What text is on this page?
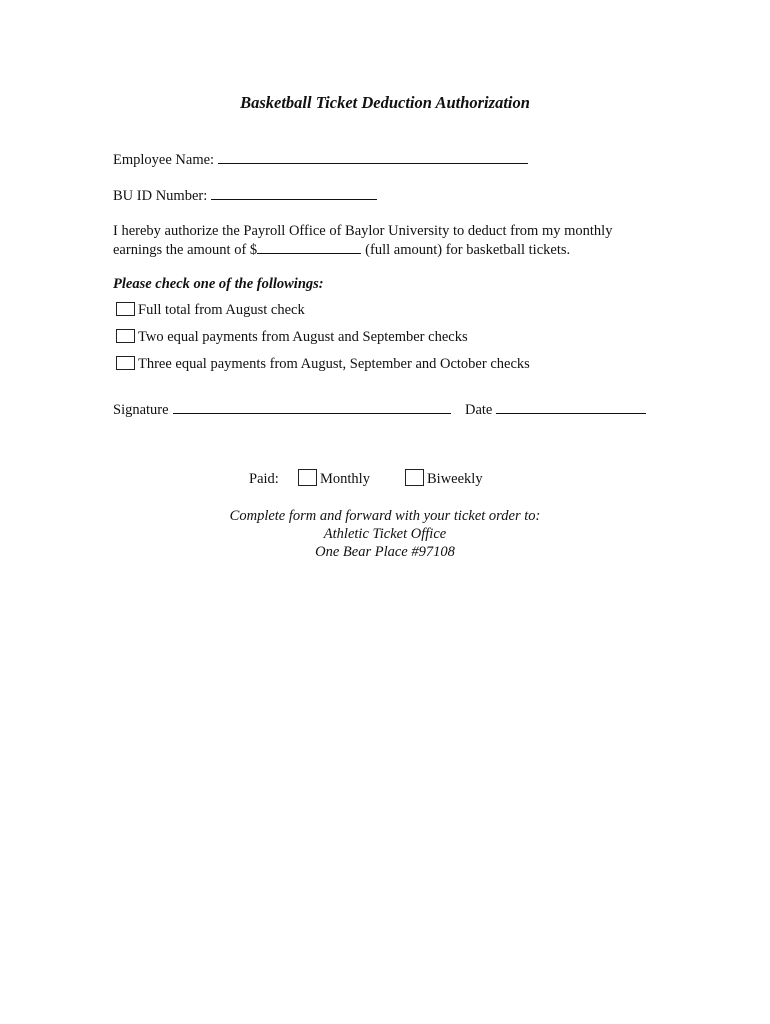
Basketball Ticket Deduction Authorization
Employee Name:
BU ID Number:
I hereby authorize the Payroll Office of Baylor University to deduct from my monthly
earnings the amount of $	(full amount) for basketball tickets.
Please check one of the followings:
Full total from August check
Two equal payments from August and September checks
Three equal payments from August, September and October checks
Signature	Date
Paid:	Monthly	Biweekly
Complete form and forward with your ticket order to:
Athletic Ticket Office
One Bear Place #97108
